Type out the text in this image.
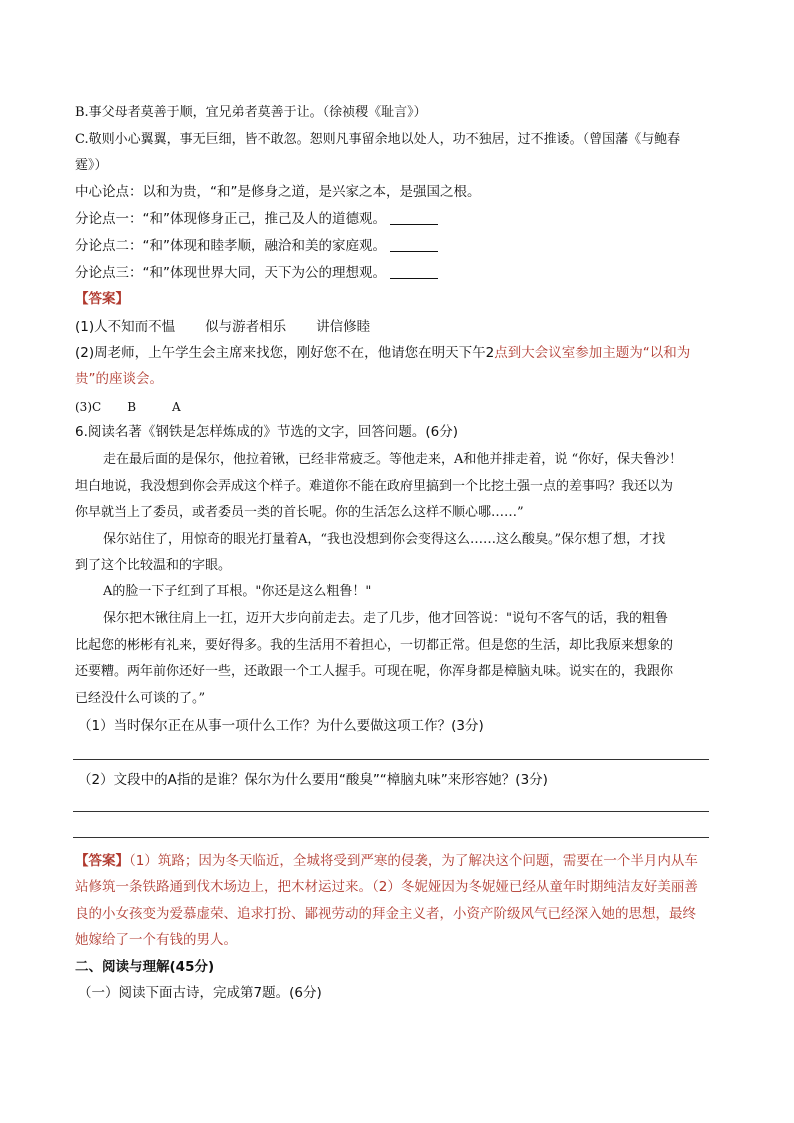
B.事父母者莫善于顺，宜兄弟者莫善于让。（徐祯稷《耻言》）
C.敬则小心翼翼，事无巨细，皆不敢忽。恕则凡事留余地以处人，功不独居，过不推诿。（曾国藩《与鲍春
霆》）
中心论点：以和为贵，“和”是修身之道，是兴家之本，是强国之根。
分论点一：“和”体现修身正己，推己及人的道德观。
分论点二：“和”体现和睦孝顺，融洽和美的家庭观。
分论点三：“和”体现世界大同，天下为公的理想观。
【答案】
(1)人不知而不愠 似与游者相乐 讲信修睦
(2)周老师，上午学生会主席来找您，刚好您不在，他请您在明天下午2点到大会议室参加主题为“以和为
贵”的座谈会。
(3)C B	A
6.阅读名著《钢铁是怎样炼成的》节选的文字，回答问题。(6分)
走在最后面的是保尔，他拉着锹，已经非常疲乏。等他走来，A和他并排走着，说 “你好，保夫鲁沙！
坦白地说，我没想到你会弄成这个样子。难道你不能在政府里搞到一个比挖土强一点的差事吗？我还以为
你早就当上了委员，或者委员一类的首长呢。你的生活怎么这样不顺心哪……”
保尔站住了，用惊奇的眼光打量着A，“我也没想到你会变得这么……这么酸臭。”保尔想了想，才找
到了这个比较温和的字眼。
A的脸一下子红到了耳根。"你还是这么粗鲁！"
保尔把木锹往肩上一扛，迈开大步向前走去。走了几步，他才回答说："说句不客气的话，我的粗鲁
比起您的彬彬有礼来，要好得多。我的生活用不着担心，一切都正常。但是您的生活，却比我原来想象的
还要糟。两年前你还好一些，还敢跟一个工人握手。可现在呢，你浑身都是樟脑丸味。说实在的，我跟你
已经没什么可谈的了。”
（1）当时保尔正在从事一项什么工作？为什么要做这项工作？(3分)
（2）文段中的A指的是谁？保尔为什么要用“酸臭”“樟脑丸味”来形容她？(3分)
【答案】（1）筑路；因为冬天临近，全城将受到严寒的侵袭，为了解决这个问题，需要在一个半月内从车
站修筑一条铁路通到伐木场边上，把木材运过来。（2）冬妮娅因为冬妮娅已经从童年时期纯洁友好美丽善
良的小女孩变为爱慕虚荣、追求打扮、鄙视劳动的拜金主义者，小资产阶级风气已经深入她的思想，最终
她嫁给了一个有钱的男人。
二、阅读与理解(45分)
（一）阅读下面古诗，完成第7题。(6分)
